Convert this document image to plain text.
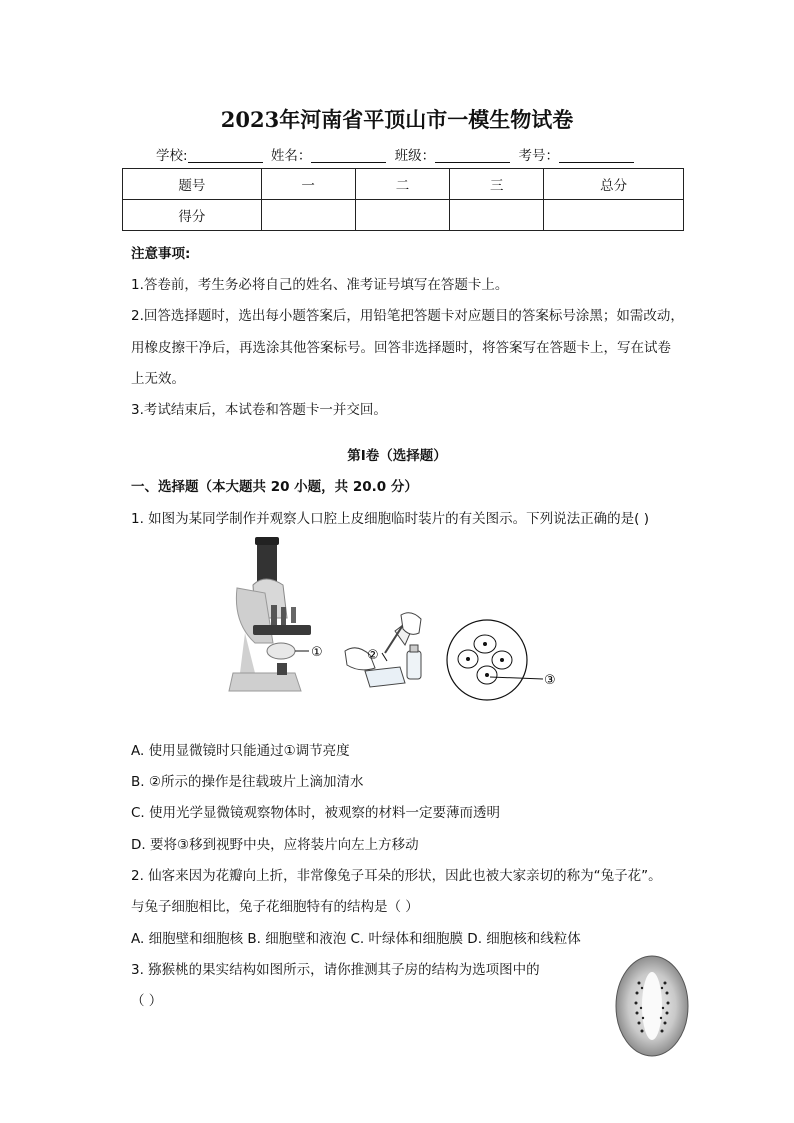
2023年河南省平顶山市一模生物试卷
学校:	姓名：	班级：	考号：
题号	一	二	三	总分
得分				
注意事项:
1.答卷前，考生务必将自己的姓名、准考证号填写在答题卡上。
2.回答选择题时，选出每小题答案后，用铅笔把答题卡对应题目的答案标号涂黑；如需改动，
用橡皮擦干净后，再选涂其他答案标号。回答非选择题时，将答案写在答题卡上，写在试卷
上无效。
3.考试结束后，本试卷和答题卡一并交回。
第Ⅰ卷（选择题）
一、选择题（本大题共 20 小题，共 20.0 分）
1. 如图为某同学制作并观察人口腔上皮细胞临时装片的有关图示。下列说法正确的是( )
①	②
③
A. 使用显微镜时只能通过①调节亮度
B. ②所示的操作是往载玻片上滴加清水
C. 使用光学显微镜观察物体时，被观察的材料一定要薄而透明
D. 要将③移到视野中央，应将装片向左上方移动
2. 仙客来因为花瓣向上折，非常像兔子耳朵的形状，因此也被大家亲切的称为“兔子花”。
与兔子细胞相比，兔子花细胞特有的结构是（ ）
A. 细胞壁和细胞核 B. 细胞壁和液泡 C. 叶绿体和细胞膜 D. 细胞核和线粒体
3. 猕猴桃的果实结构如图所示，请你推测其子房的结构为选项图中的
（ ）
